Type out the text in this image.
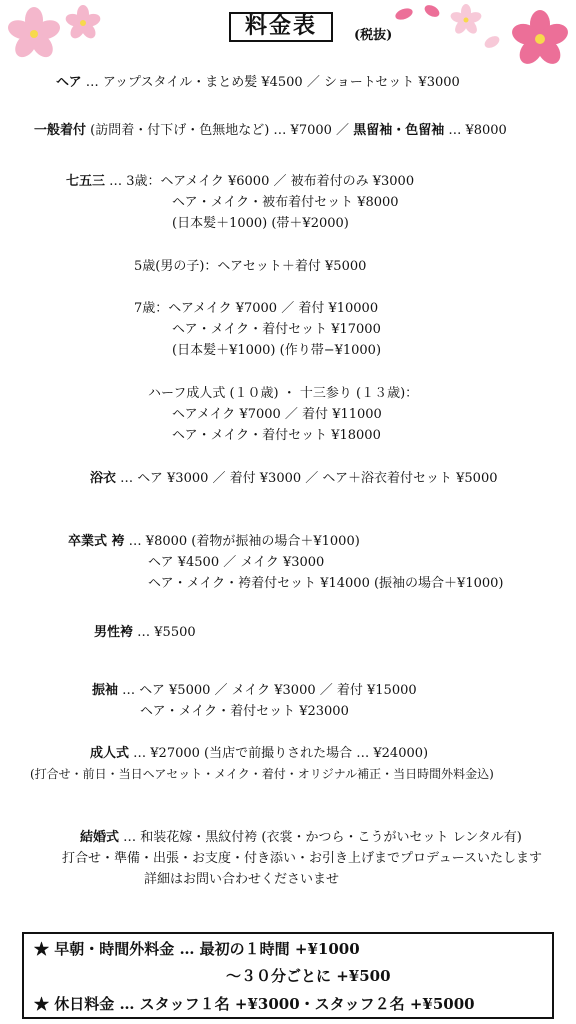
料金表	(税抜)
ヘア … アップスタイル・まとめ髪 ¥4500 ／ ショートセット ¥3000
一般着付 (訪問着・付下げ・色無地など) … ¥7000 ／ 黒留袖・色留袖 … ¥8000
七五三 … 3歳：ヘアメイク ¥6000 ／ 被布着付のみ ¥3000
ヘア・メイク・被布着付セット ¥8000
(日本髪＋1000) (帯＋¥2000)
5歳(男の子)：ヘアセット＋着付 ¥5000
7歳：ヘアメイク ¥7000 ／ 着付 ¥10000
ヘア・メイク・着付セット ¥17000
(日本髪＋¥1000) (作り帯−¥1000)
ハーフ成人式 (１０歳) ・ 十三参り (１３歳)：
ヘアメイク ¥7000 ／ 着付 ¥11000
ヘア・メイク・着付セット ¥18000
浴衣 … ヘア ¥3000 ／ 着付 ¥3000 ／ ヘア＋浴衣着付セット ¥5000
卒業式 袴 … ¥8000 (着物が振袖の場合＋¥1000)
ヘア ¥4500 ／ メイク ¥3000
ヘア・メイク・袴着付セット ¥14000 (振袖の場合＋¥1000)
男性袴 … ¥5500
振袖 … ヘア ¥5000 ／ メイク ¥3000 ／ 着付 ¥15000
ヘア・メイク・着付セット ¥23000
成人式 … ¥27000 (当店で前撮りされた場合 … ¥24000)
(打合せ・前日・当日ヘアセット・メイク・着付・オリジナル補正・当日時間外料金込)
結婚式 … 和装花嫁・黒紋付袴 (衣裳・かつら・こうがいセット レンタル有)
打合せ・準備・出張・お支度・付き添い・お引き上げまでプロデュースいたします
詳細はお問い合わせくださいませ
★ 早朝・時間外料金 … 最初の１時間 +¥1000
〜３０分ごとに +¥500
★ 休日料金 … スタッフ１名 +¥3000・スタッフ２名 +¥5000
